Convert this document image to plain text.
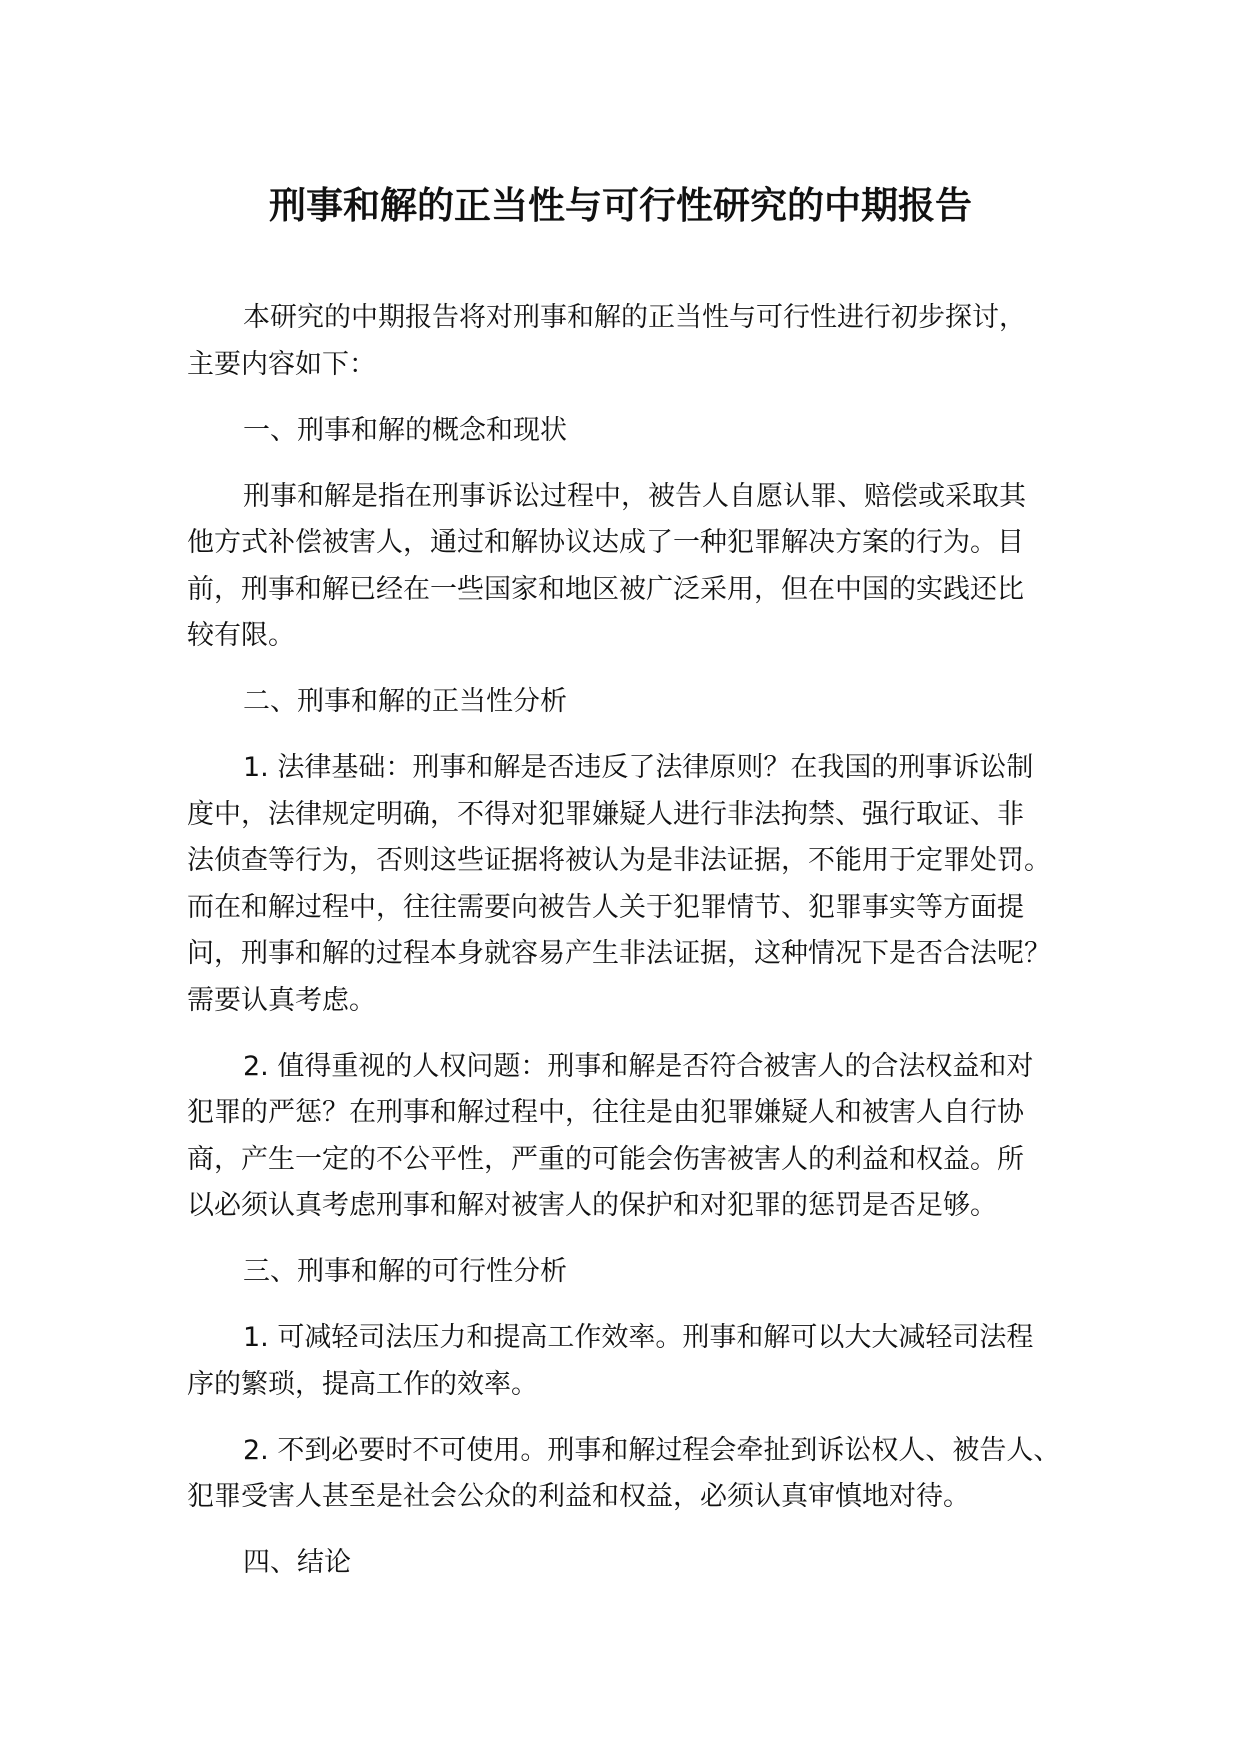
刑事和解的正当性与可行性研究的中期报告
本研究的中期报告将对刑事和解的正当性与可行性进行初步探讨，
主要内容如下：
一、刑事和解的概念和现状
刑事和解是指在刑事诉讼过程中，被告人自愿认罪、赔偿或采取其
他方式补偿被害人，通过和解协议达成了一种犯罪解决方案的行为。目
前，刑事和解已经在一些国家和地区被广泛采用，但在中国的实践还比
较有限。
二、刑事和解的正当性分析
1. 法律基础：刑事和解是否违反了法律原则？在我国的刑事诉讼制
度中，法律规定明确，不得对犯罪嫌疑人进行非法拘禁、强行取证、非
法侦查等行为，否则这些证据将被认为是非法证据，不能用于定罪处罚。
而在和解过程中，往往需要向被告人关于犯罪情节、犯罪事实等方面提
问，刑事和解的过程本身就容易产生非法证据，这种情况下是否合法呢？
需要认真考虑。
2. 值得重视的人权问题：刑事和解是否符合被害人的合法权益和对
犯罪的严惩？在刑事和解过程中，往往是由犯罪嫌疑人和被害人自行协
商，产生一定的不公平性，严重的可能会伤害被害人的利益和权益。所
以必须认真考虑刑事和解对被害人的保护和对犯罪的惩罚是否足够。
三、刑事和解的可行性分析
1. 可减轻司法压力和提高工作效率。刑事和解可以大大减轻司法程
序的繁琐，提高工作的效率。
2. 不到必要时不可使用。刑事和解过程会牵扯到诉讼权人、被告人、
犯罪受害人甚至是社会公众的利益和权益，必须认真审慎地对待。
四、结论
